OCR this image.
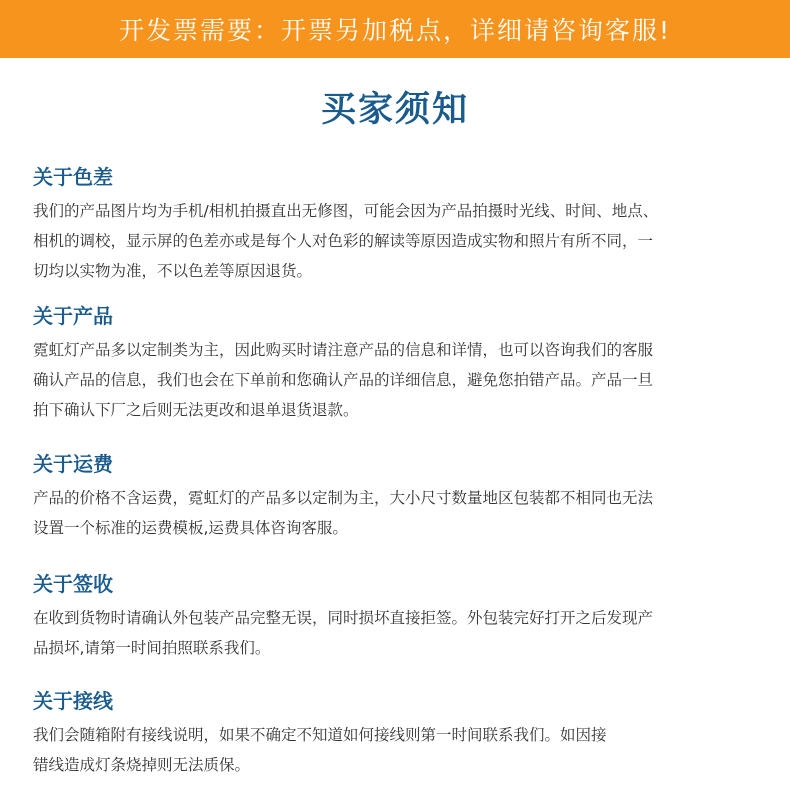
开发票需要：开票另加税点，详细请咨询客服!
买家须知
关于色差
我们的产品图片均为手机/相机拍摄直出无修图，可能会因为产品拍摄时光线、时间、地点、
相机的调校，显示屏的色差亦或是每个人对色彩的解读等原因造成实物和照片有所不同，一
切均以实物为准，不以色差等原因退货。
关于产品
霓虹灯产品多以定制类为主，因此购买时请注意产品的信息和详情，也可以咨询我们的客服
确认产品的信息，我们也会在下单前和您确认产品的详细信息，避免您拍错产品。产品一旦
拍下确认下厂之后则无法更改和退单退货退款。
关于运费
产品的价格不含运费，霓虹灯的产品多以定制为主，大小尺寸数量地区包装都不相同也无法
设置一个标准的运费模板,运费具体咨询客服。
关于签收
在收到货物时请确认外包装产品完整无误，同时损坏直接拒签。外包装完好打开之后发现产
品损坏,请第一时间拍照联系我们。
关于接线
我们会随箱附有接线说明，如果不确定不知道如何接线则第一时间联系我们。如因接
错线造成灯条烧掉则无法质保。
